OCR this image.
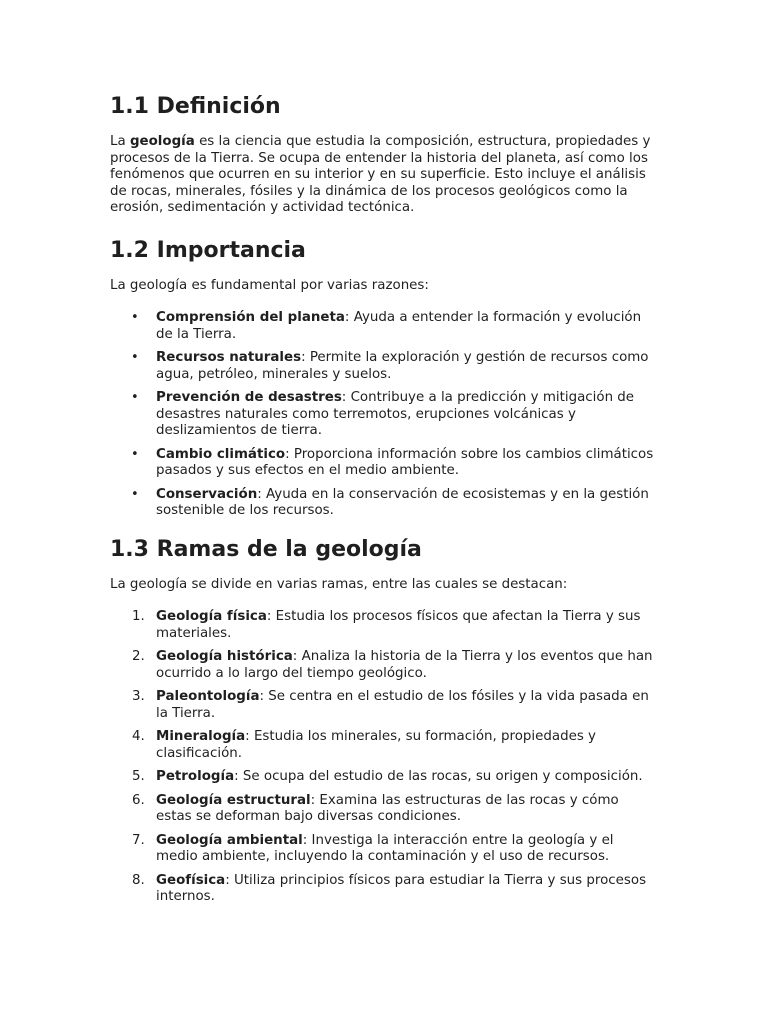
1.1 Definición

La geología es la ciencia que estudia la composición, estructura, propiedades y procesos de la Tierra. Se ocupa de entender la historia del planeta, así como los fenómenos que ocurren en su interior y en su superficie. Esto incluye el análisis de rocas, minerales, fósiles y la dinámica de los procesos geológicos como la erosión, sedimentación y actividad tectónica.

1.2 Importancia

La geología es fundamental por varias razones:

• Comprensión del planeta: Ayuda a entender la formación y evolución de la Tierra.
• Recursos naturales: Permite la exploración y gestión de recursos como agua, petróleo, minerales y suelos.
• Prevención de desastres: Contribuye a la predicción y mitigación de desastres naturales como terremotos, erupciones volcánicas y deslizamientos de tierra.
• Cambio climático: Proporciona información sobre los cambios climáticos pasados y sus efectos en el medio ambiente.
• Conservación: Ayuda en la conservación de ecosistemas y en la gestión sostenible de los recursos.
1.3 Ramas de la geología

La geología se divide en varias ramas, entre las cuales se destacan:

1. Geología física: Estudia los procesos físicos que afectan la Tierra y sus materiales.
2. Geología histórica: Analiza la historia de la Tierra y los eventos que han ocurrido a lo largo del tiempo geológico.
3. Paleontología: Se centra en el estudio de los fósiles y la vida pasada en la Tierra.
4. Mineralogía: Estudia los minerales, su formación, propiedades y clasificación.
5. Petrología: Se ocupa del estudio de las rocas, su origen y composición.
6. Geología estructural: Examina las estructuras de las rocas y cómo estas se deforman bajo diversas condiciones.
7. Geología ambiental: Investiga la interacción entre la geología y el medio ambiente, incluyendo la contaminación y el uso de recursos.
8. Geofísica: Utiliza principios físicos para estudiar la Tierra y sus procesos internos.
